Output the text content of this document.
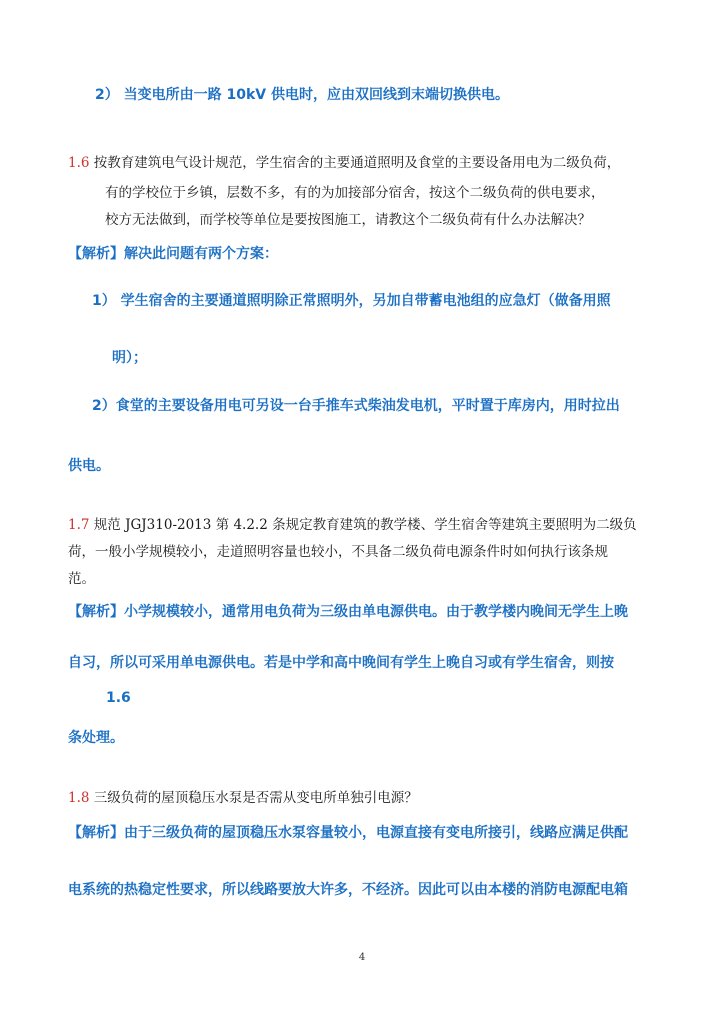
2） 当变电所由一路 10kV 供电时，应由双回线到末端切换供电。
1.6 按教育建筑电气设计规范，学生宿舍的主要通道照明及食堂的主要设备用电为二级负荷，
有的学校位于乡镇，层数不多，有的为加接部分宿舍，按这个二级负荷的供电要求，
校方无法做到，而学校等单位是要按图施工，请教这个二级负荷有什么办法解决？
【解析】解决此问题有两个方案：
1） 学生宿舍的主要通道照明除正常照明外，另加自带蓄电池组的应急灯（做备用照
明）；
2）食堂的主要设备用电可另设一台手推车式柴油发电机，平时置于库房内，用时拉出
供电。
1.7 规范 JGJ310-2013 第 4.2.2 条规定教育建筑的教学楼、学生宿舍等建筑主要照明为二级负
荷，一般小学规模较小，走道照明容量也较小，不具备二级负荷电源条件时如何执行该条规
范。
【解析】小学规模较小，通常用电负荷为三级由单电源供电。由于教学楼内晚间无学生上晚
自习，所以可采用单电源供电。若是中学和高中晚间有学生上晚自习或有学生宿舍，则按
1.6
条处理。
1.8 三级负荷的屋顶稳压水泵是否需从变电所单独引电源？
【解析】由于三级负荷的屋顶稳压水泵容量较小，电源直接有变电所接引，线路应满足供配
电系统的热稳定性要求，所以线路要放大许多，不经济。因此可以由本楼的消防电源配电箱
4
